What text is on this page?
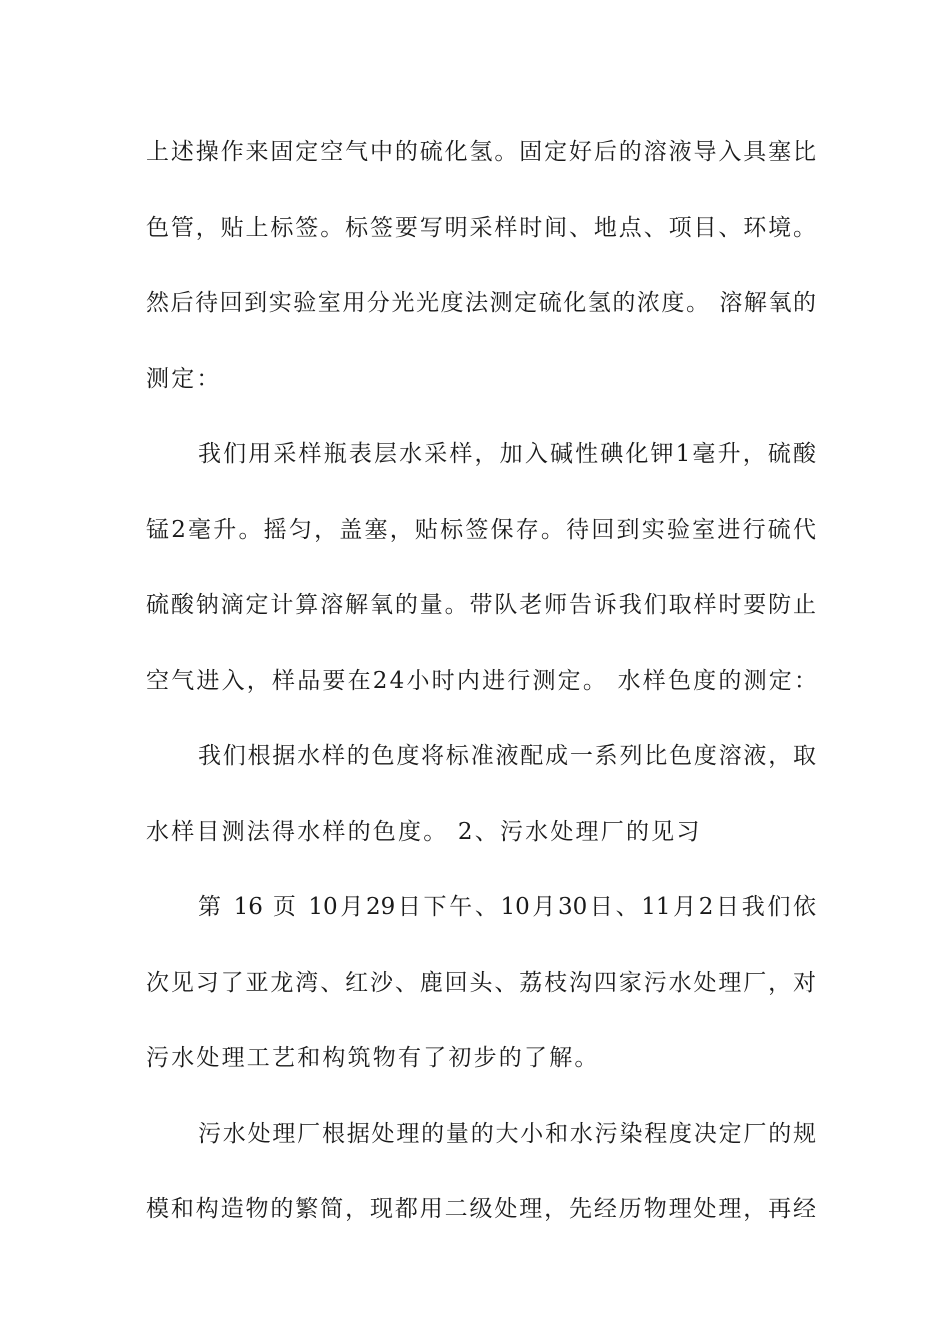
上述操作来固定空气中的硫化氢。固定好后的溶液导入具塞比
色管，贴上标签。标签要写明采样时间、地点、项目、环境。
然后待回到实验室用分光光度法测定硫化氢的浓度。 溶解氧的
测定：
我们用采样瓶表层水采样，加入碱性碘化钾1毫升，硫酸
锰2毫升。摇匀，盖塞，贴标签保存。待回到实验室进行硫代
硫酸钠滴定计算溶解氧的量。带队老师告诉我们取样时要防止
空气进入，样品要在24小时内进行测定。 水样色度的测定：
我们根据水样的色度将标准液配成一系列比色度溶液，取
水样目测法得水样的色度。 2、污水处理厂的见习
第 16 页 10月29日下午、10月30日、11月2日我们依
次见习了亚龙湾、红沙、鹿回头、荔枝沟四家污水处理厂，对
污水处理工艺和构筑物有了初步的了解。
污水处理厂根据处理的量的大小和水污染程度决定厂的规
模和构造物的繁简，现都用二级处理，先经历物理处理，再经
